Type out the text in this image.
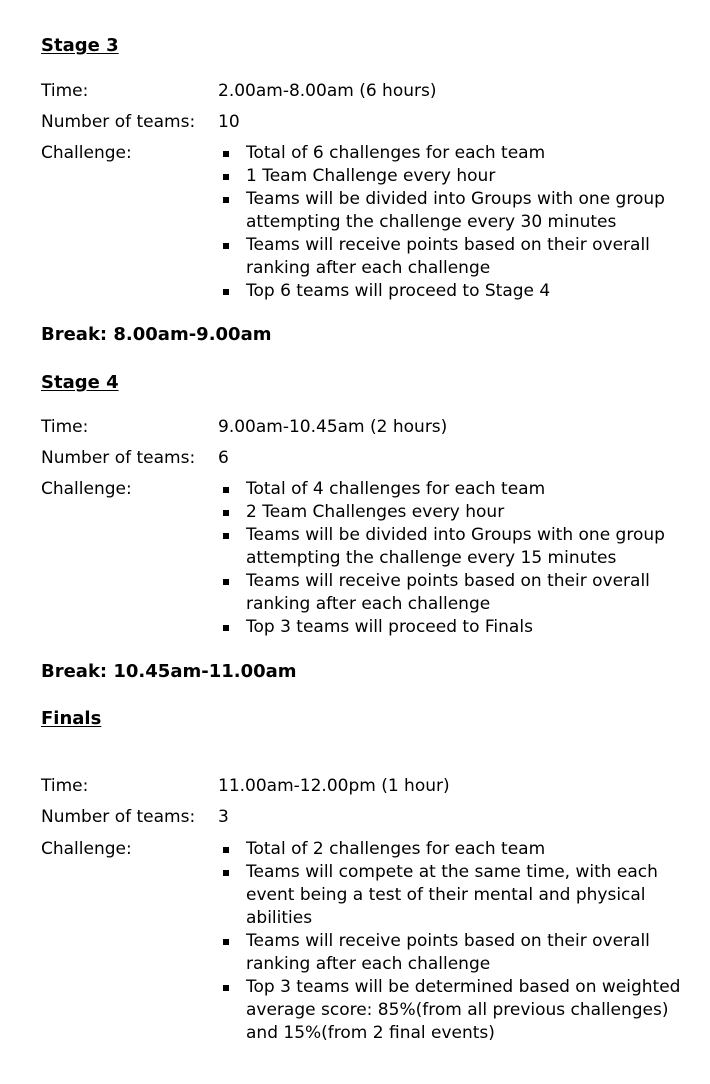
Stage 3
Time:	2.00am-8.00am (6 hours)
Number of teams: 10
Challenge:	Total of 6 challenges for each team
1 Team Challenge every hour
Teams will be divided into Groups with one group attempting the challenge every 30 minutes
Teams will receive points based on their overall ranking after each challenge
Top 6 teams will proceed to Stage 4
Break: 8.00am-9.00am
Stage 4
Time:	9.00am-10.45am (2 hours)
Number of teams: 6
Challenge:	Total of 4 challenges for each team
2 Team Challenges every hour
Teams will be divided into Groups with one group attempting the challenge every 15 minutes
Teams will receive points based on their overall ranking after each challenge
Top 3 teams will proceed to Finals
Break: 10.45am-11.00am
Finals
Time:	11.00am-12.00pm (1 hour)
Number of teams: 3
Challenge:	Total of 2 challenges for each team
Teams will compete at the same time, with each event being a test of their mental and physical abilities
Teams will receive points based on their overall ranking after each challenge
Top 3 teams will be determined based on weighted average score: 85%(from all previous challenges) and 15%(from 2 final events)
